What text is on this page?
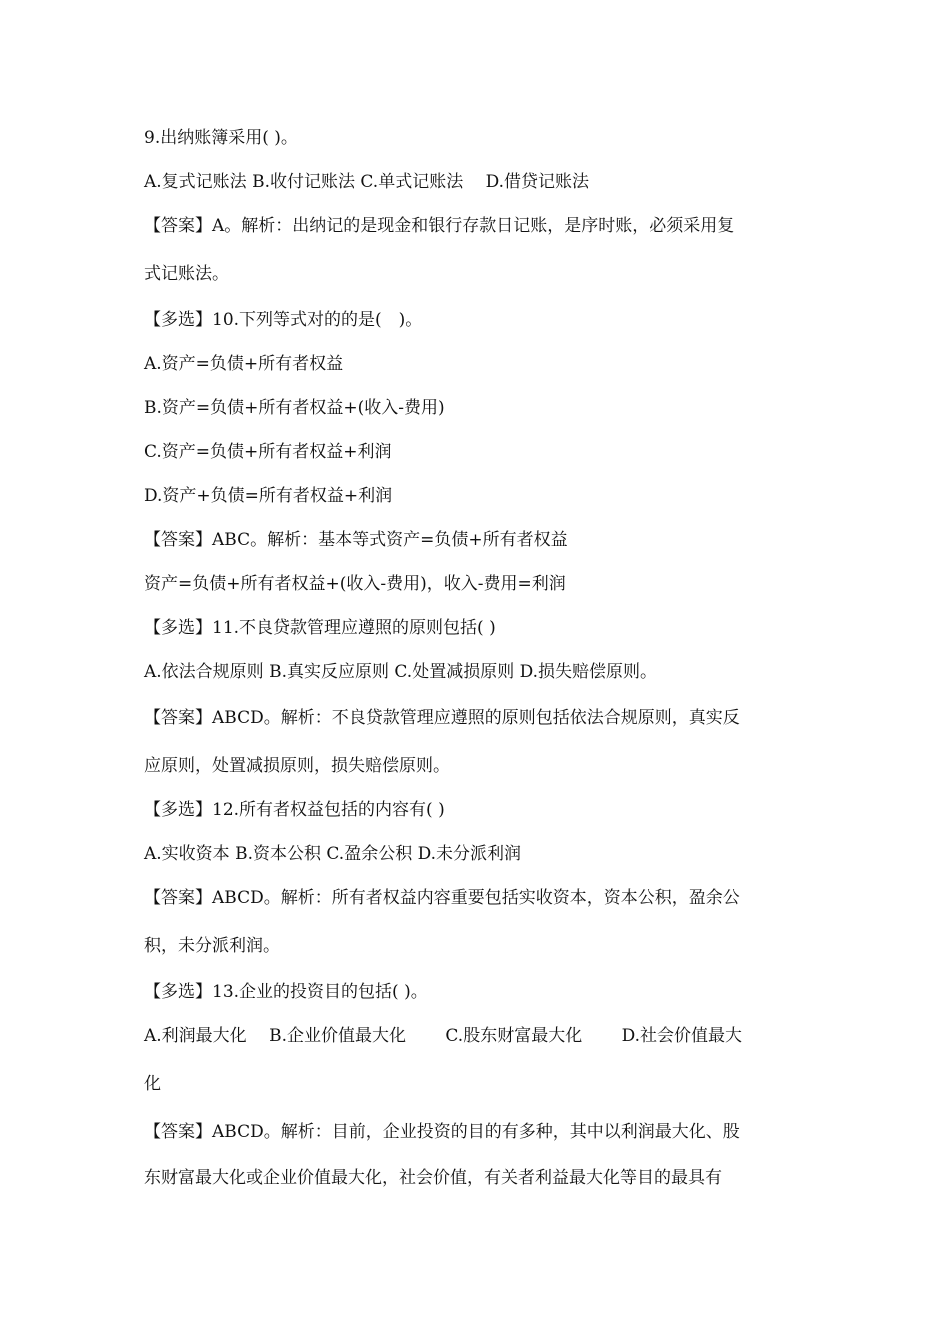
9.出纳账簿采用( )。
A.复式记账法 B.收付记账法 C.单式记账法　 D.借贷记账法
【答案】A。解析：出纳记的是现金和银行存款日记账，是序时账，必须采用复
式记账法。
【多选】10.下列等式对的的是(　)。
A.资产=负债+所有者权益
B.资产=负债+所有者权益+(收入-费用)
C.资产=负债+所有者权益+利润
D.资产+负债=所有者权益+利润
【答案】ABC。解析：基本等式资产=负债+所有者权益
资产=负债+所有者权益+(收入-费用)，收入-费用=利润
【多选】11.不良贷款管理应遵照的原则包括( )
A.依法合规原则 B.真实反应原则 C.处置减损原则 D.损失赔偿原则。
【答案】ABCD。解析：不良贷款管理应遵照的原则包括依法合规原则，真实反
应原则，处置减损原则，损失赔偿原则。
【多选】12.所有者权益包括的内容有( )
A.实收资本 B.资本公积 C.盈余公积 D.未分派利润
【答案】ABCD。解析：所有者权益内容重要包括实收资本，资本公积，盈余公
积，未分派利润。
【多选】13.企业的投资目的包括( )。
A.利润最大化　 B.企业价值最大化　　 C.股东财富最大化　　 D.社会价值最大
化
【答案】ABCD。解析：目前，企业投资的目的有多种，其中以利润最大化、股
东财富最大化或企业价值最大化，社会价值，有关者利益最大化等目的最具有
